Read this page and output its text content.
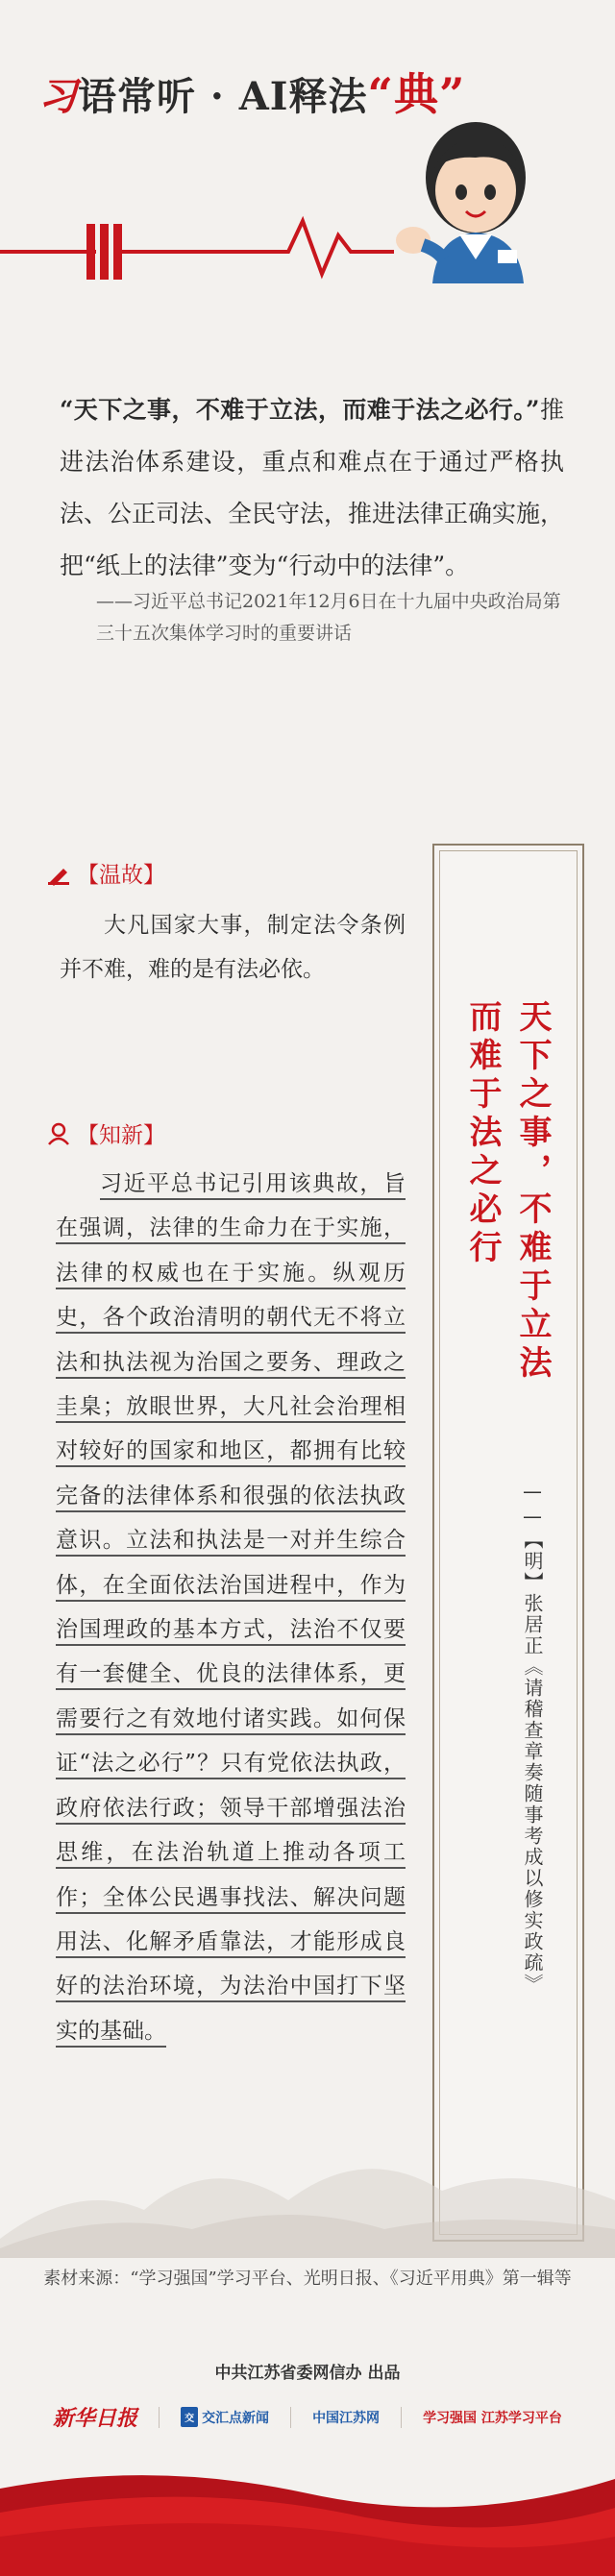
习语常听 · AI释法“典”
“天下之事，不难于立法，而难于法之必行。”推进法治体系建设，重点和难点在于通过严格执法、公正司法、全民守法，推进法律正确实施，把“纸上的法律”变为“行动中的法律”。
——习近平总书记2021年12月6日在十九届中央政治局第三十五次集体学习时的重要讲话
【温故】
大凡国家大事，制定法令条例并不难，难的是有法必依。
【知新】
习近平总书记引用该典故，旨在强调，法律的生命力在于实施，法律的权威也在于实施。纵观历史，各个政治清明的朝代无不将立法和执法视为治国之要务、理政之圭臬；放眼世界，大凡社会治理相对较好的国家和地区，都拥有比较完备的法律体系和很强的依法执政意识。立法和执法是一对并生综合体，在全面依法治国进程中，作为治国理政的基本方式，法治不仅要有一套健全、优良的法律体系，更需要行之有效地付诸实践。如何保证“法之必行”？只有党依法执政，政府依法行政；领导干部增强法治思维，在法治轨道上推动各项工作；全体公民遇事找法、解决问题用法、化解矛盾靠法，才能形成良好的法治环境，为法治中国打下坚实的基础。
天下之事，不难于立法
而难于法之必行
——【明】张居正《请稽查章奏随事考成以修实政疏》
素材来源：“学习强国”学习平台、光明日报、《习近平用典》第一辑等
中共江苏省委网信办 出品
新华日报	交 交汇点新闻	中国江苏网	学习强国 江苏学习平台
